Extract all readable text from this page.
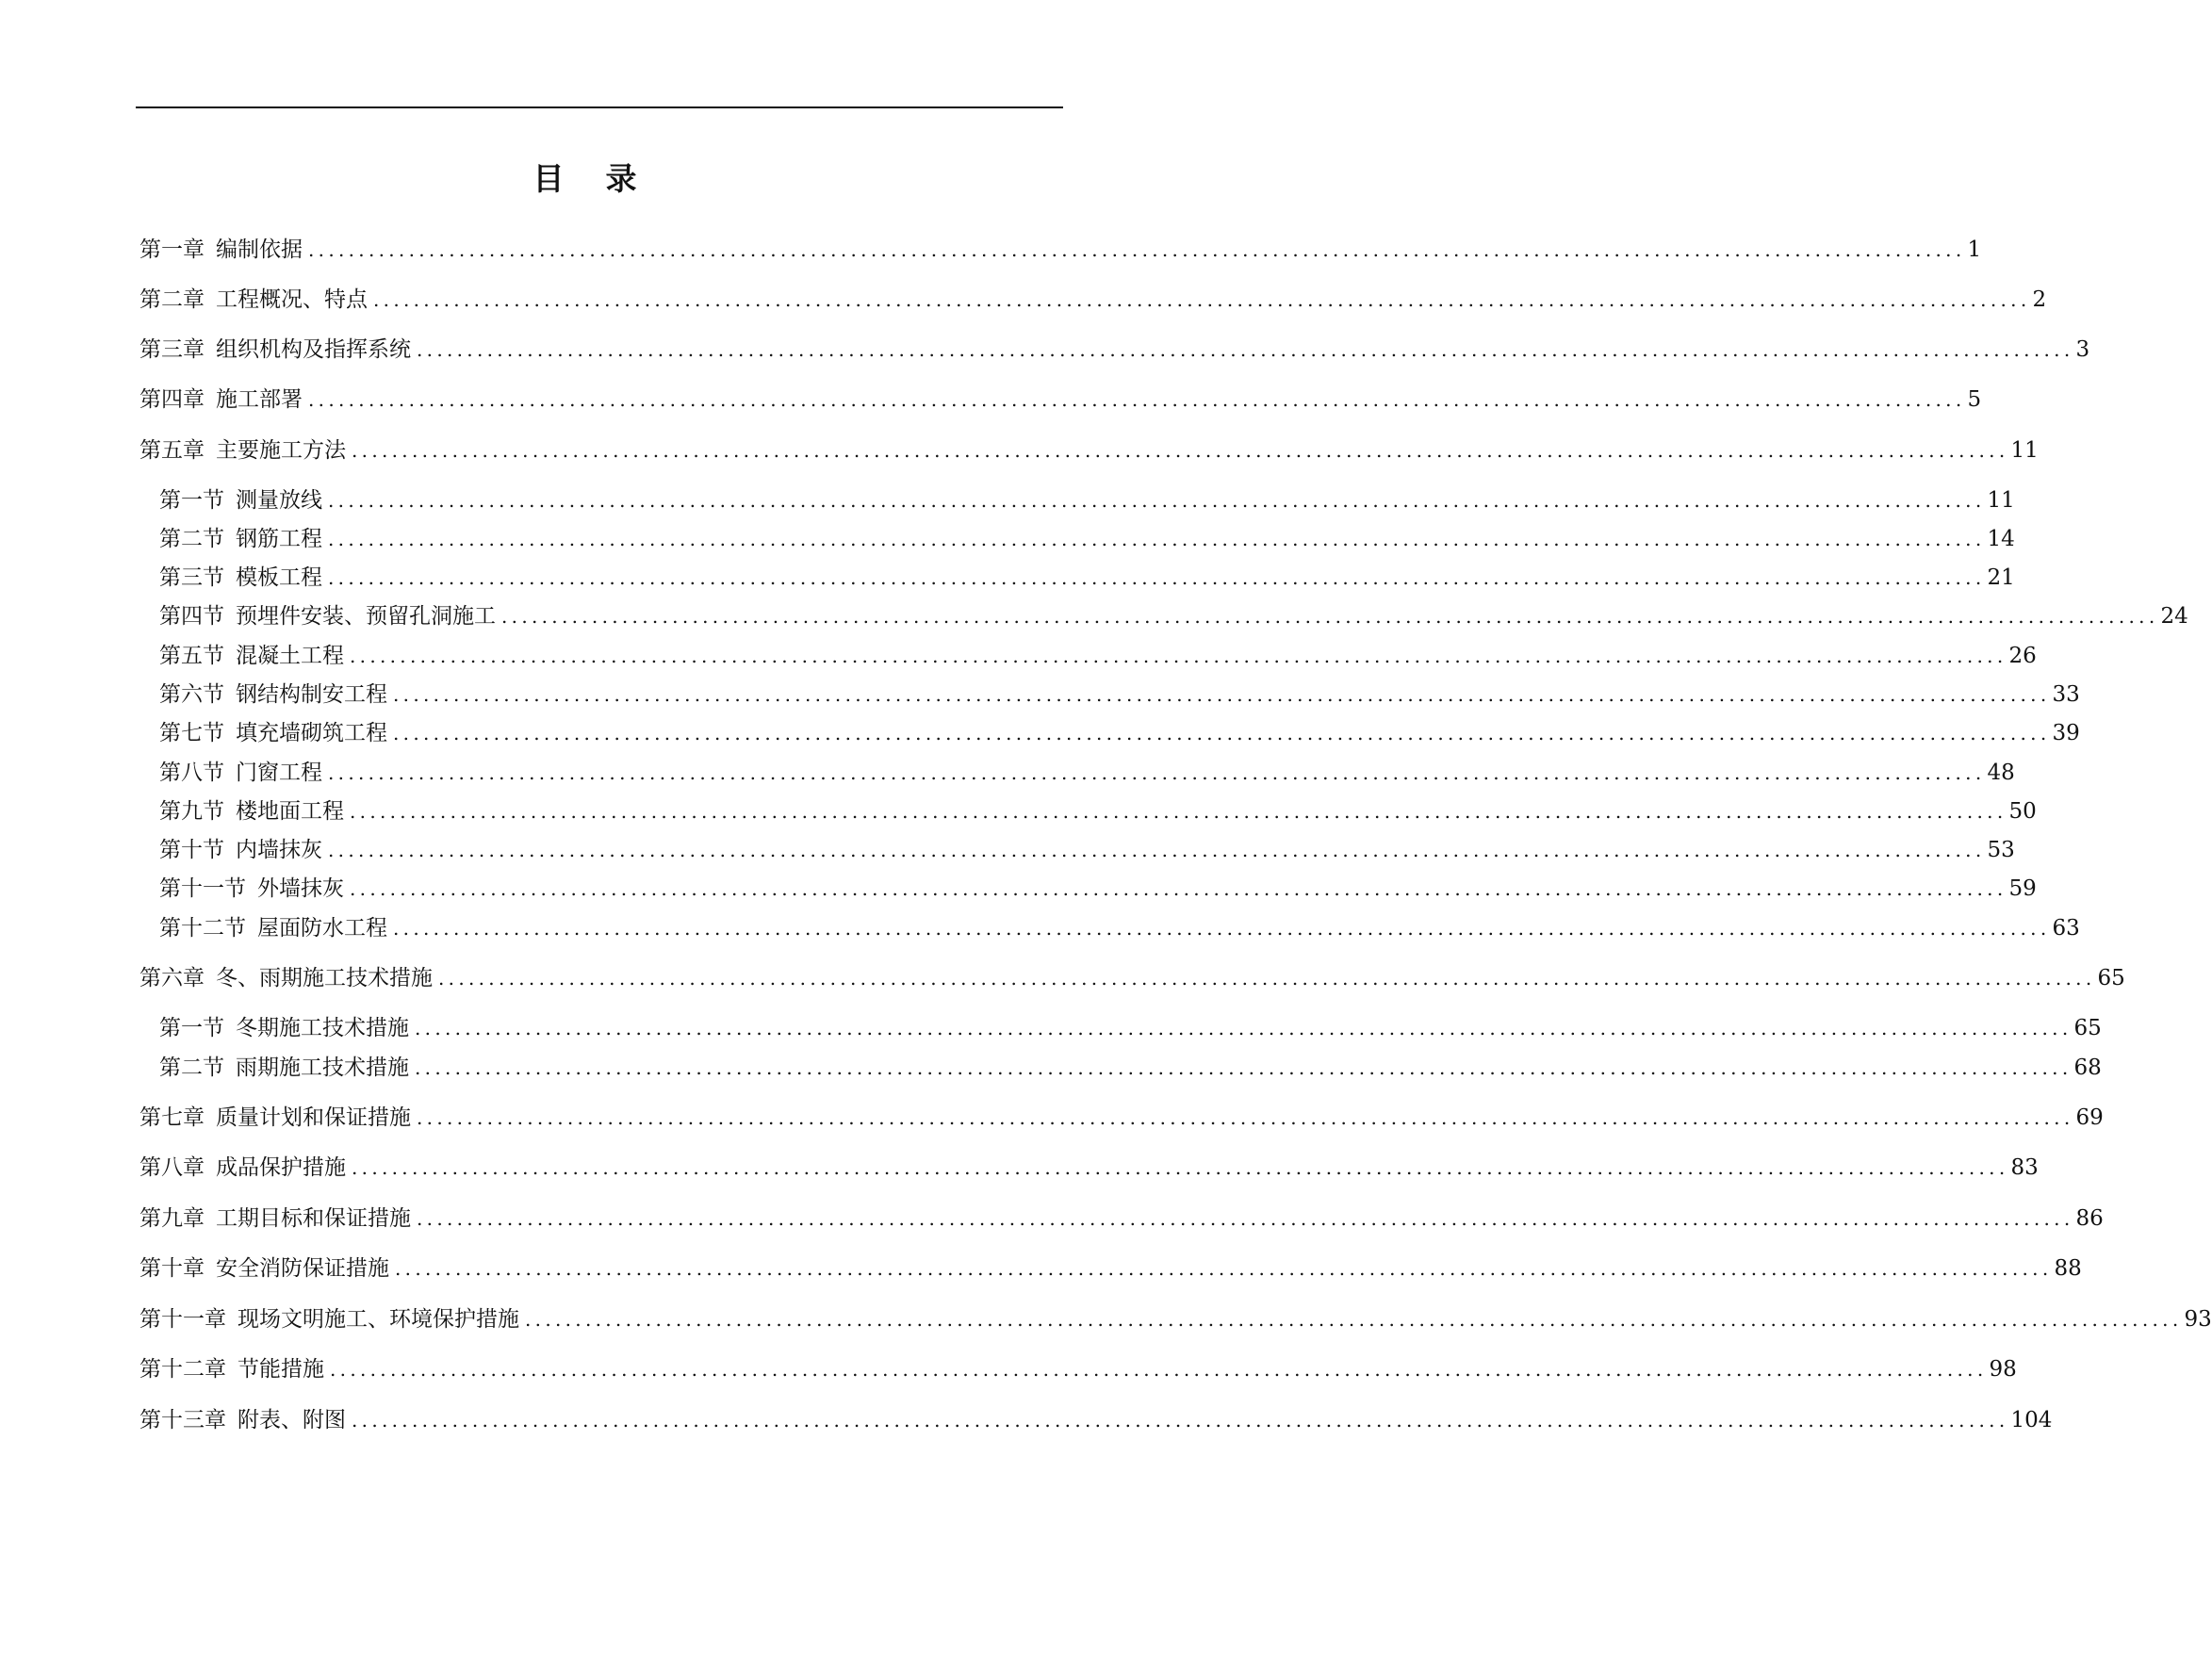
目录
第一章 编制依据 ..................................................................................................................................................................... 1
第二章 工程概况、特点 ..................................................................................................................................................................... 2
第三章 组织机构及指挥系统 ..................................................................................................................................................................... 3
第四章 施工部署 ..................................................................................................................................................................... 5
第五章 主要施工方法 ..................................................................................................................................................................... 11
第一节 测量放线 ..................................................................................................................................................................... 11
第二节 钢筋工程 ..................................................................................................................................................................... 14
第三节 模板工程 ..................................................................................................................................................................... 21
第四节 预埋件安装、预留孔洞施工 ..................................................................................................................................................................... 24
第五节 混凝土工程 ..................................................................................................................................................................... 26
第六节 钢结构制安工程 ..................................................................................................................................................................... 33
第七节 填充墙砌筑工程 ..................................................................................................................................................................... 39
第八节 门窗工程 ..................................................................................................................................................................... 48
第九节 楼地面工程 ..................................................................................................................................................................... 50
第十节 内墙抹灰 ..................................................................................................................................................................... 53
第十一节 外墙抹灰 ..................................................................................................................................................................... 59
第十二节 屋面防水工程 ..................................................................................................................................................................... 63
第六章 冬、雨期施工技术措施 ..................................................................................................................................................................... 65
第一节 冬期施工技术措施 ..................................................................................................................................................................... 65
第二节 雨期施工技术措施 ..................................................................................................................................................................... 68
第七章 质量计划和保证措施 ..................................................................................................................................................................... 69
第八章 成品保护措施 ..................................................................................................................................................................... 83
第九章 工期目标和保证措施 ..................................................................................................................................................................... 86
第十章 安全消防保证措施 ..................................................................................................................................................................... 88
第十一章 现场文明施工、环境保护措施 ..................................................................................................................................................................... 93
第十二章 节能措施 ..................................................................................................................................................................... 98
第十三章 附表、附图 ..................................................................................................................................................................... 104
